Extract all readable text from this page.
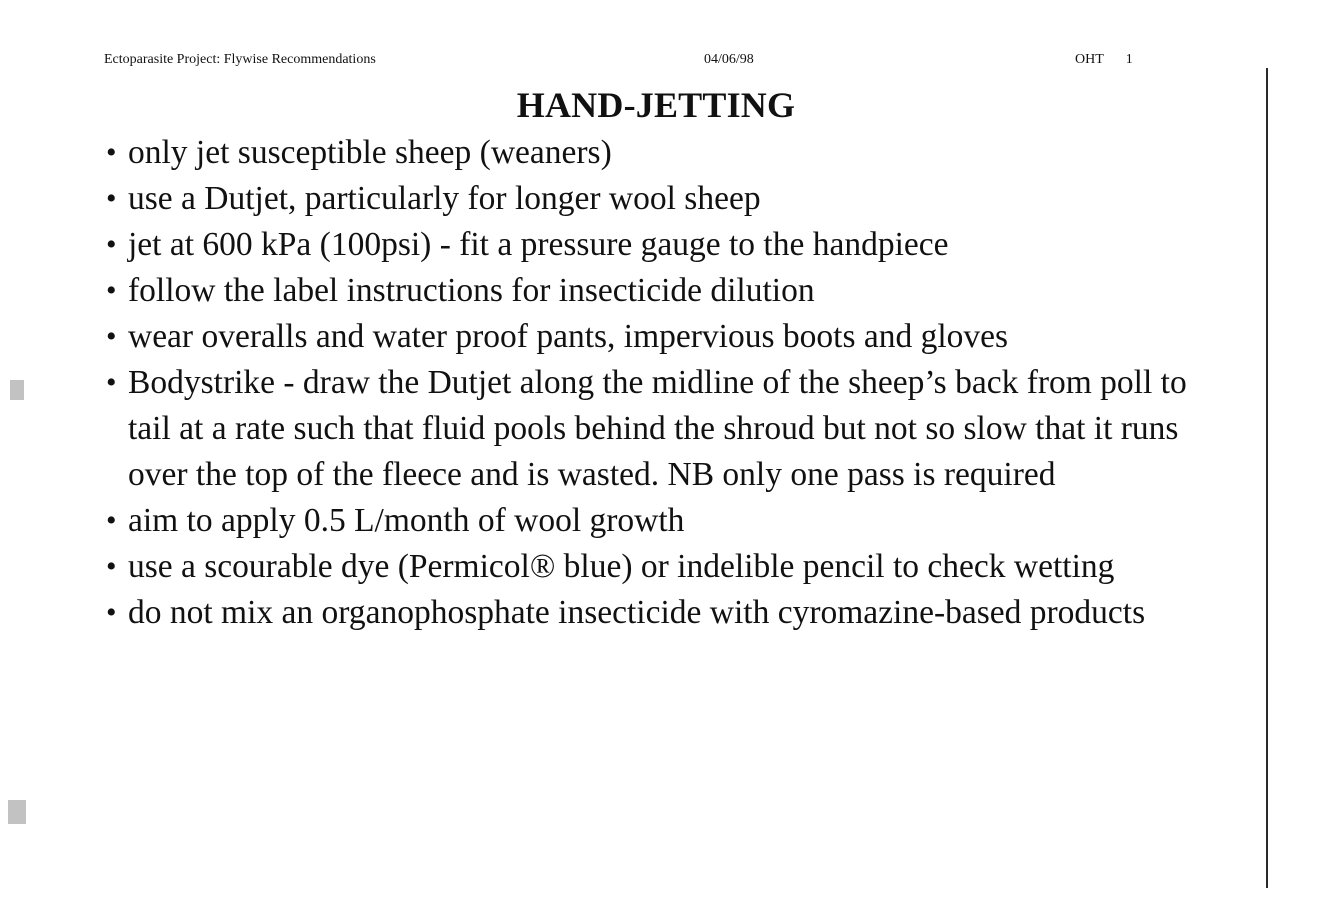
Ectoparasite Project: Flywise Recommendations	04/06/98	OHT 1
HAND-JETTING
• only jet susceptible sheep (weaners)
• use a Dutjet, particularly for longer wool sheep
• jet at 600 kPa (100psi) - fit a pressure gauge to the handpiece
• follow the label instructions for insecticide dilution
• wear overalls and water proof pants, impervious boots and gloves
• Bodystrike - draw the Dutjet along the midline of the sheep’s back from poll to tail at a rate such that fluid pools behind the shroud but not so slow that it runs over the top of the fleece and is wasted. NB only one pass is required
• aim to apply 0.5 L/month of wool growth
• use a scourable dye (Permicol® blue) or indelible pencil to check wetting
• do not mix an organophosphate insecticide with cyromazine-based products
